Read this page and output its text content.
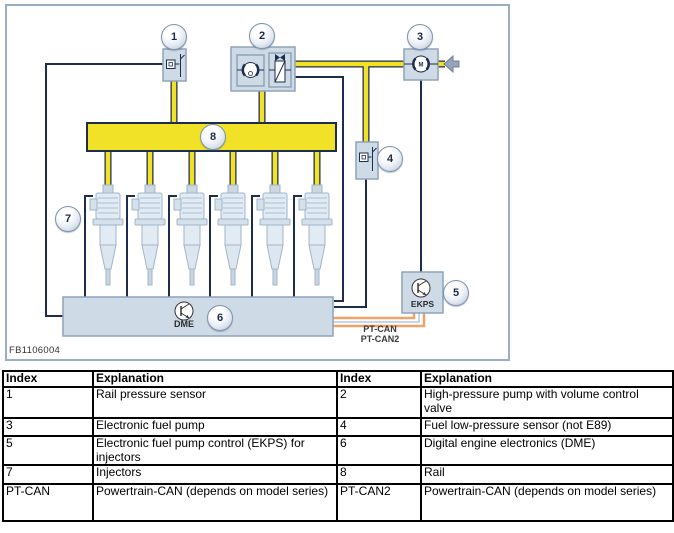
M
1	2	3
4
5
6
7
8
EKPS
DME	PT-CAN
PT-CAN2
FB1106004
Index	Explanation	Index	Explanation
1	Rail pressure sensor	2	High-pressure pump with volume control valve
3	Electronic fuel pump	4	Fuel low-pressure sensor (not E89)
5	Electronic fuel pump control (EKPS) for injectors	6	Digital engine electronics (DME)
7	Injectors	8	Rail
PT-CAN	Powertrain-CAN (depends on model series)	PT-CAN2	Powertrain-CAN (depends on model series)
